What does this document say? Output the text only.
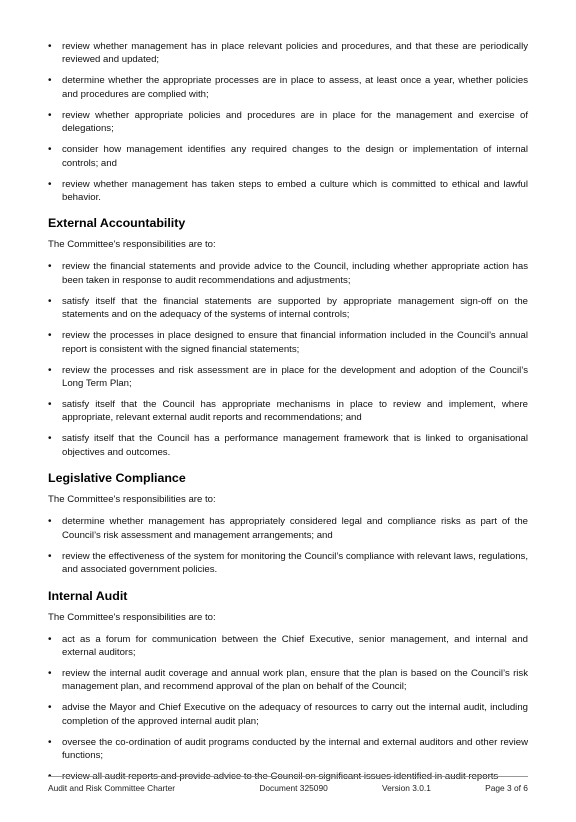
• review whether management has in place relevant policies and procedures, and that these are periodically reviewed and updated;
• determine whether the appropriate processes are in place to assess, at least once a year, whether policies and procedures are complied with;
• review whether appropriate policies and procedures are in place for the management and exercise of delegations;
• consider how management identifies any required changes to the design or implementation of internal controls; and
• review whether management has taken steps to embed a culture which is committed to ethical and lawful behavior.
External Accountability

The Committee's responsibilities are to:

• review the financial statements and provide advice to the Council, including whether appropriate action has been taken in response to audit recommendations and adjustments;
• satisfy itself that the financial statements are supported by appropriate management sign-off on the statements and on the adequacy of the systems of internal controls;
• review the processes in place designed to ensure that financial information included in the Council’s annual report is consistent with the signed financial statements;
• review the processes and risk assessment are in place for the development and adoption of the Council’s Long Term Plan;
• satisfy itself that the Council has appropriate mechanisms in place to review and implement, where appropriate, relevant external audit reports and recommendations; and
• satisfy itself that the Council has a performance management framework that is linked to organisational objectives and outcomes.
Legislative Compliance

The Committee's responsibilities are to:

• determine whether management has appropriately considered legal and compliance risks as part of the Council’s risk assessment and management arrangements; and
• review the effectiveness of the system for monitoring the Council’s compliance with relevant laws, regulations, and associated government policies.
Internal Audit

The Committee's responsibilities are to:

• act as a forum for communication between the Chief Executive, senior management, and internal and external auditors;
• review the internal audit coverage and annual work plan, ensure that the plan is based on the Council’s risk management plan, and recommend approval of the plan on behalf of the Council;
• advise the Mayor and Chief Executive on the adequacy of resources to carry out the internal audit, including completion of the approved internal audit plan;
• oversee the co-ordination of audit programs conducted by the internal and external auditors and other review functions;
• review all audit reports and provide advice to the Council on significant issues identified in audit reports
Audit and Risk Committee Charter	Document 325090	Version 3.0.1	Page 3 of 6
